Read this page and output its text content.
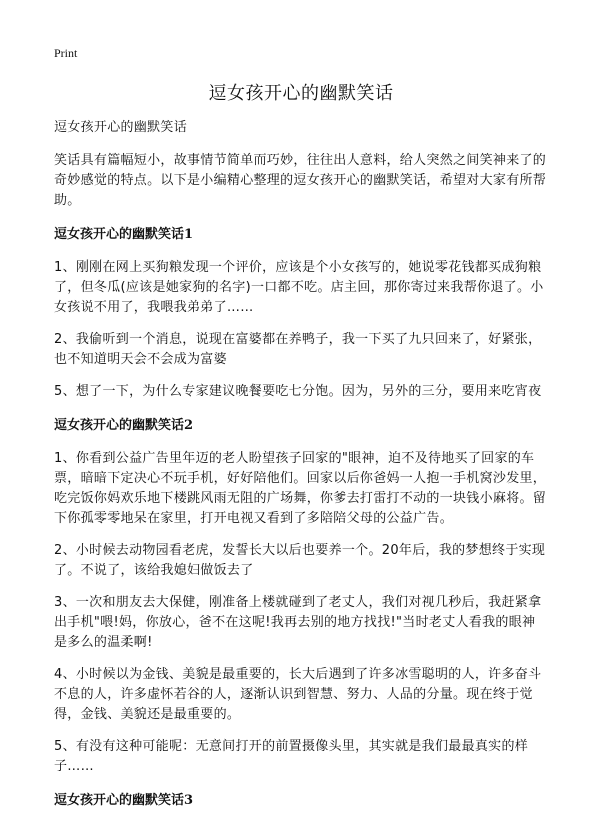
Print
逗女孩开心的幽默笑话

逗女孩开心的幽默笑话

笑话具有篇幅短小，故事情节简单而巧妙，往往出人意料，给人突然之间笑神来了的奇妙感觉的特点。以下是小编精心整理的逗女孩开心的幽默笑话，希望对大家有所帮助。

逗女孩开心的幽默笑话1

1、刚刚在网上买狗粮发现一个评价，应该是个小女孩写的，她说零花钱都买成狗粮了，但冬瓜(应该是她家狗的名字)一口都不吃。店主回，那你寄过来我帮你退了。小女孩说不用了，我喂我弟弟了……

2、我偷听到一个消息，说现在富婆都在养鸭子，我一下买了九只回来了，好紧张，也不知道明天会不会成为富婆

5、想了一下，为什么专家建议晚餐要吃七分饱。因为，另外的三分，要用来吃宵夜

逗女孩开心的幽默笑话2

1、你看到公益广告里年迈的老人盼望孩子回家的"眼神，迫不及待地买了回家的车票，暗暗下定决心不玩手机，好好陪他们。回家以后你爸妈一人抱一手机窝沙发里，吃完饭你妈欢乐地下楼跳风雨无阻的广场舞，你爹去打雷打不动的一块钱小麻将。留下你孤零零地呆在家里，打开电视又看到了多陪陪父母的公益广告。

2、小时候去动物园看老虎，发誓长大以后也要养一个。20年后，我的梦想终于实现了。不说了，该给我媳妇做饭去了

3、一次和朋友去大保健，刚准备上楼就碰到了老丈人，我们对视几秒后，我赶紧拿出手机"喂!妈，你放心，爸不在这呢!我再去别的地方找找!"当时老丈人看我的眼神是多么的温柔啊!

4、小时候以为金钱、美貌是最重要的，长大后遇到了许多冰雪聪明的人，许多奋斗不息的人，许多虚怀若谷的人，逐渐认识到智慧、努力、人品的分量。现在终于觉得，金钱、美貌还是最重要的。

5、有没有这种可能呢：无意间打开的前置摄像头里，其实就是我们最最真实的样子……

逗女孩开心的幽默笑话3
